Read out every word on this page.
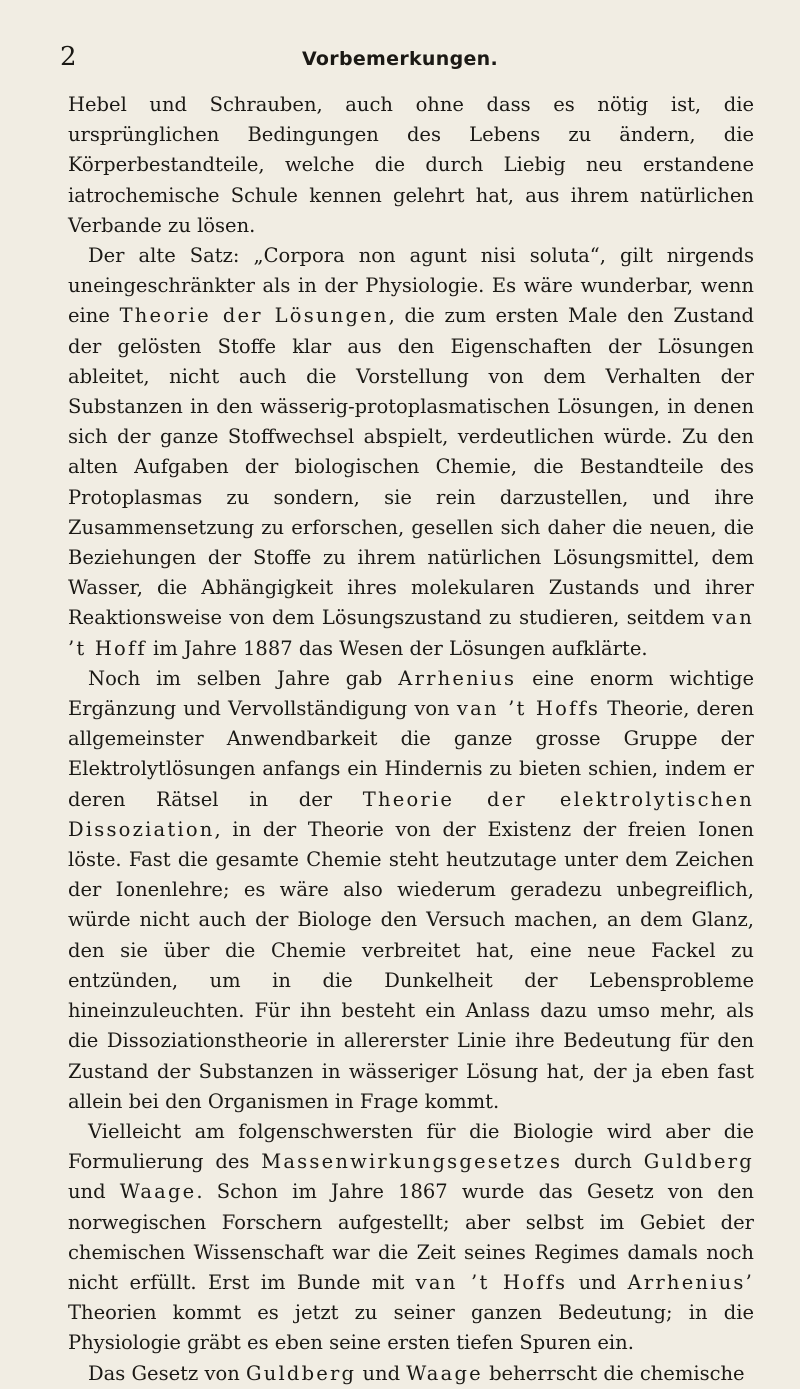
2	Vorbemerkungen.

Hebel und Schrauben, auch ohne dass es nötig ist, die ursprünglichen Bedingungen des Lebens zu ändern, die Körperbestandteile, welche die durch Liebig neu erstandene iatrochemische Schule kennen gelehrt hat, aus ihrem natürlichen Verbande zu lösen.

Der alte Satz: „Corpora non agunt nisi soluta“, gilt nirgends uneingeschränkter als in der Physiologie. Es wäre wunderbar, wenn eine Theorie der Lösungen, die zum ersten Male den Zustand der gelösten Stoffe klar aus den Eigenschaften der Lösungen ableitet, nicht auch die Vorstellung von dem Verhalten der Substanzen in den wässerig-protoplasmatischen Lösungen, in denen sich der ganze Stoffwechsel abspielt, verdeutlichen würde. Zu den alten Aufgaben der biologischen Chemie, die Bestandteile des Protoplasmas zu sondern, sie rein darzustellen, und ihre Zusammensetzung zu erforschen, gesellen sich daher die neuen, die Beziehungen der Stoffe zu ihrem natürlichen Lösungsmittel, dem Wasser, die Abhängigkeit ihres molekularen Zustands und ihrer Reaktionsweise von dem Lösungszustand zu studieren, seitdem van ’t Hoff im Jahre 1887 das Wesen der Lösungen aufklärte.

Noch im selben Jahre gab Arrhenius eine enorm wichtige Ergänzung und Vervollständigung von van ’t Hoffs Theorie, deren allgemeinster Anwendbarkeit die ganze grosse Gruppe der Elektrolytlösungen anfangs ein Hindernis zu bieten schien, indem er deren Rätsel in der Theorie der elektrolytischen Dissoziation, in der Theorie von der Existenz der freien Ionen löste. Fast die gesamte Chemie steht heutzutage unter dem Zeichen der Ionenlehre; es wäre also wiederum geradezu unbegreiflich, würde nicht auch der Biologe den Versuch machen, an dem Glanz, den sie über die Chemie verbreitet hat, eine neue Fackel zu entzünden, um in die Dunkelheit der Lebensprobleme hineinzuleuchten. Für ihn besteht ein Anlass dazu umso mehr, als die Dissoziationstheorie in allererster Linie ihre Bedeutung für den Zustand der Substanzen in wässeriger Lösung hat, der ja eben fast allein bei den Organismen in Frage kommt.

Vielleicht am folgenschwersten für die Biologie wird aber die Formulierung des Massenwirkungsgesetzes durch Guldberg und Waage. Schon im Jahre 1867 wurde das Gesetz von den norwegischen Forschern aufgestellt; aber selbst im Gebiet der chemischen Wissenschaft war die Zeit seines Regimes damals noch nicht erfüllt. Erst im Bunde mit van ’t Hoffs und Arrhenius’ Theorien kommt es jetzt zu seiner ganzen Bedeutung; in die Physiologie gräbt es eben seine ersten tiefen Spuren ein.

Das Gesetz von Guldberg und Waage beherrscht die chemische
